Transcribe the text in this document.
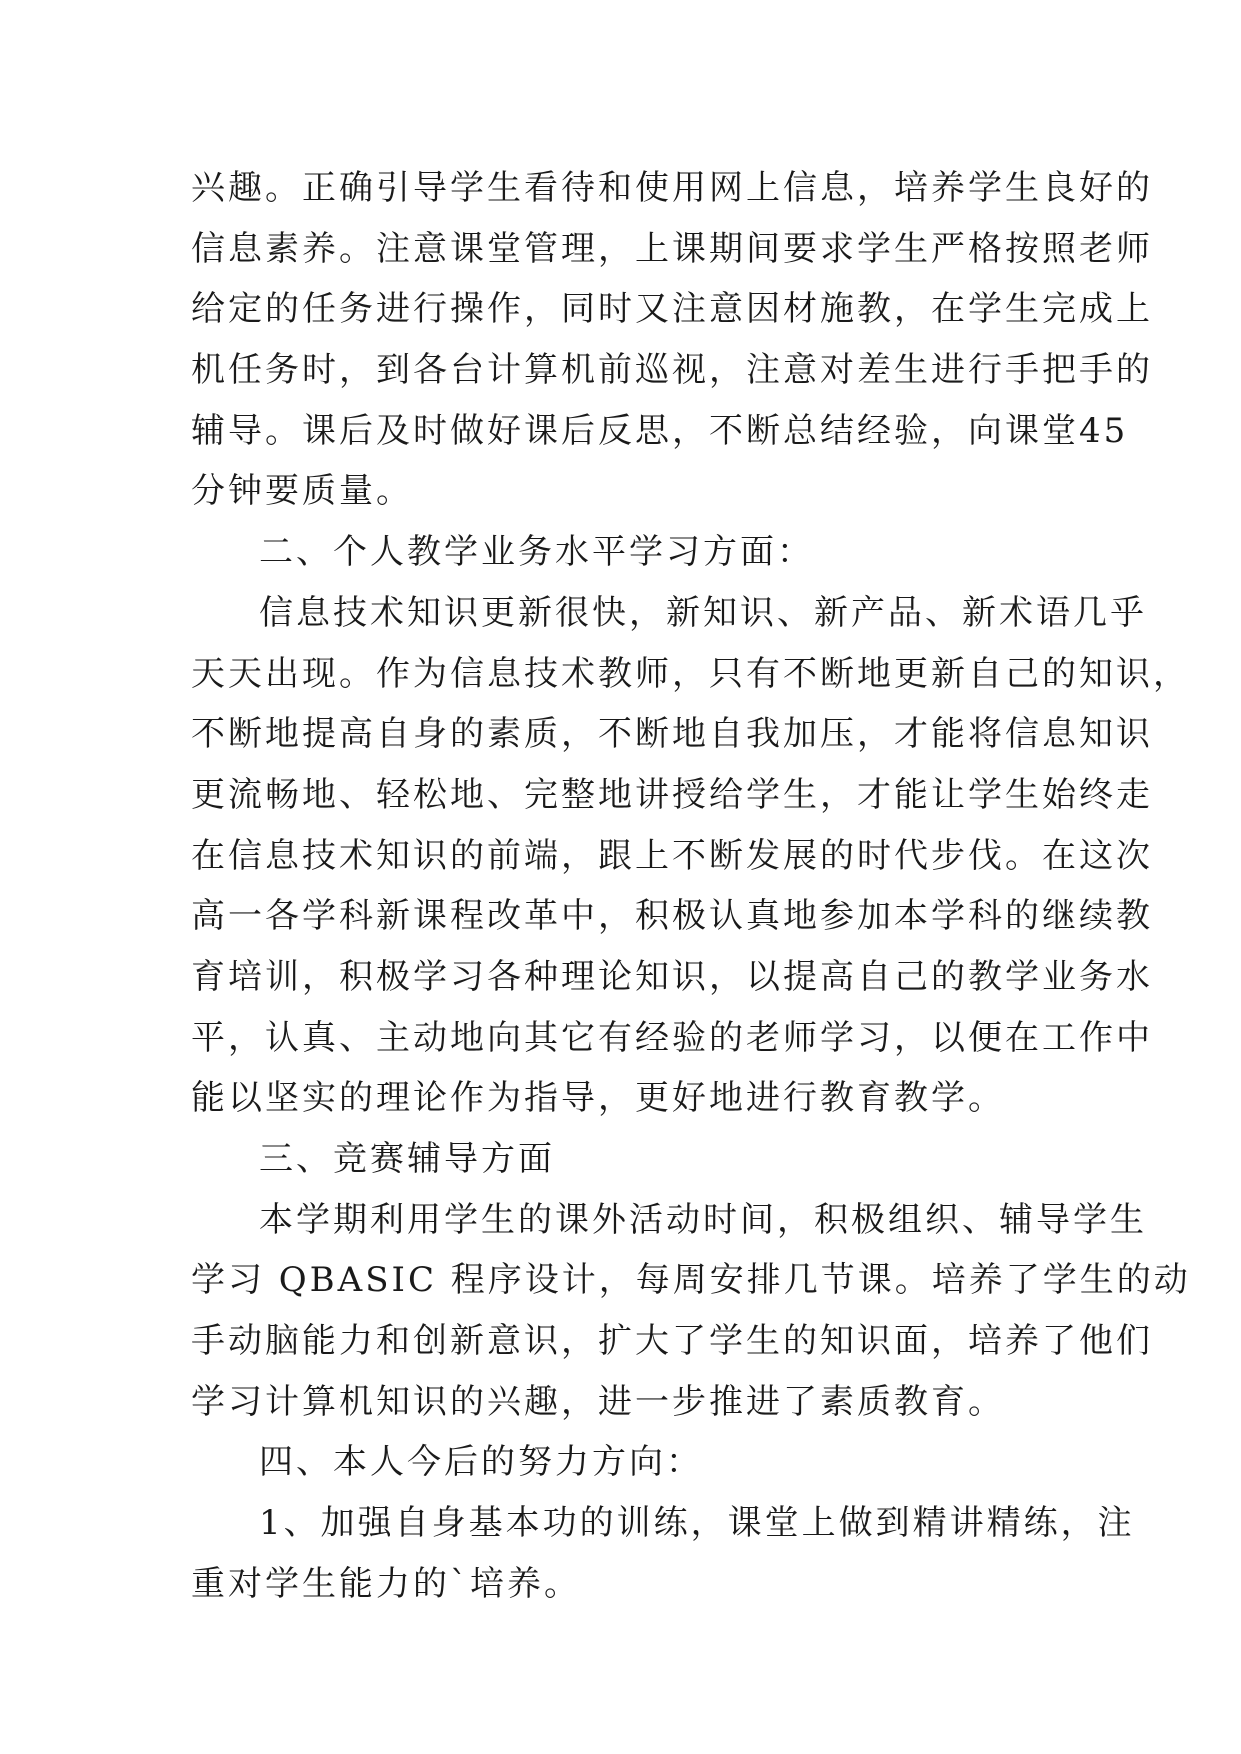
兴趣。正确引导学生看待和使用网上信息，培养学生良好的
信息素养。注意课堂管理，上课期间要求学生严格按照老师
给定的任务进行操作，同时又注意因材施教，在学生完成上
机任务时，到各台计算机前巡视，注意对差生进行手把手的
辅导。课后及时做好课后反思，不断总结经验，向课堂45
分钟要质量。
二、个人教学业务水平学习方面：
信息技术知识更新很快，新知识、新产品、新术语几乎
天天出现。作为信息技术教师，只有不断地更新自己的知识，
不断地提高自身的素质，不断地自我加压，才能将信息知识
更流畅地、轻松地、完整地讲授给学生，才能让学生始终走
在信息技术知识的前端，跟上不断发展的时代步伐。在这次
高一各学科新课程改革中，积极认真地参加本学科的继续教
育培训，积极学习各种理论知识，以提高自己的教学业务水
平，认真、主动地向其它有经验的老师学习，以便在工作中
能以坚实的理论作为指导，更好地进行教育教学。
三、竞赛辅导方面
本学期利用学生的课外活动时间，积极组织、辅导学生
学习 QBASIC 程序设计，每周安排几节课。培养了学生的动
手动脑能力和创新意识，扩大了学生的知识面，培养了他们
学习计算机知识的兴趣，进一步推进了素质教育。
四、本人今后的努力方向：
1、加强自身基本功的训练，课堂上做到精讲精练，注
重对学生能力的`培养。
